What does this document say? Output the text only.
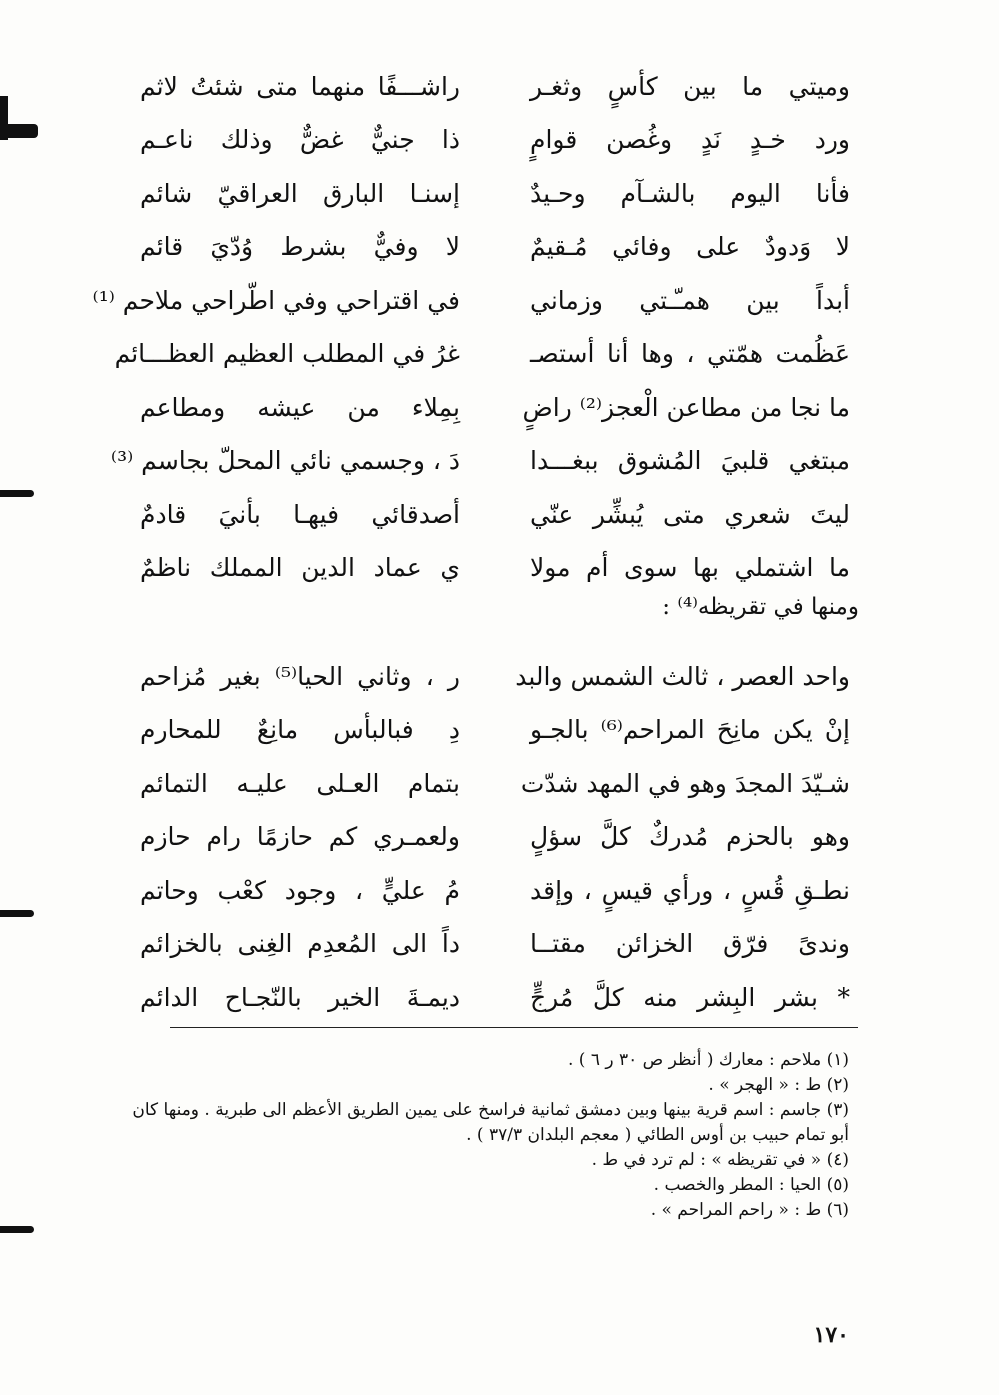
وميتي ما بين كأسٍ وثغـر
راشـــفًا منهما متى شئتُ لاثم
ورد خـدٍ نَدٍ وغُصن قوامٍ
ذا جنيٌّ غضٌّ وذلك ناعـم
فأنا اليوم بالشـآم وحـيدٌ
إسنـا البارق العراقيّ شائم
لا وَدودٌ على وفائي مُـقيمٌ
لا وفيٌّ بشرط وُدّيَ قائم
أبداً بين همـّـتي وزماني
في اقتراحي وفي اطّراحي ملاحم ⁽¹⁾
عَظُمت همّتي ، وها أنا أستصـ
غرُ في المطلب العظيم العظـــائم
ما نجا من مطاعن الْعجز⁽²⁾ راضٍ
بِمِلاء من عيشه ومطاعم
مبتغي قلبيَ المُشوق ببغـــدا
دَ ، وجسمي نائي المحلّ بجاسم ⁽³⁾
ليتَ شعري متى يُبشِّر عنّي
أصدقائي فيهـا بأنيَ قادمٌ
ما اشتملي بها سوى أم مولا
ي عماد الدين المملك ناظمٌ
ومنها في تقريظه⁽⁴⁾ :
واحد العصر ، ثالث الشمس والبد
ر ، وثاني الحيا⁽⁵⁾ بغير مُزاحم
إنْ يكن مانِحَ المراحم⁽⁶⁾ بالجـو
دِ فبالبأس مانِعٌ للمحارم
شـيّدَ المجدَ وهو في المهد شدّت
بتمام العـلى عليـه التمائم
وهو بالحزم مُدركٌ كلَّ سؤلٍ
ولعمـري كم حازمًا رام حازم
نطـقِ قُسٍ ، ورأي قيسٍ ، وإقد
مُ عليٍّ ، وجود كعْب وحاتم
وندىً فرّق الخزائن مقتــا
داً الى المُعدِم الغِنى بالخزائم
* بشر البِشر منه كلَّ مُرجٍّ
ديمـةَ الخير بالنّجـاح الدائم
(١) ملاحم : معارك ( أنظر ص ٣٠ ر ٦ ) .
(٢) ط : « الهجر » .
(٣) جاسم : اسم قرية بينها وبين دمشق ثمانية فراسخ على يمين الطريق الأعظم الى طبرية . ومنها كان
أبو تمام حبيب بن أوس الطائي ( معجم البلدان ٣٧/٣ ) .
(٤) « في تقريظه » : لم ترد في ط .
(٥) الحيا : المطر والخصب .
(٦) ط : « راحم المراحم » .
١٧٠
